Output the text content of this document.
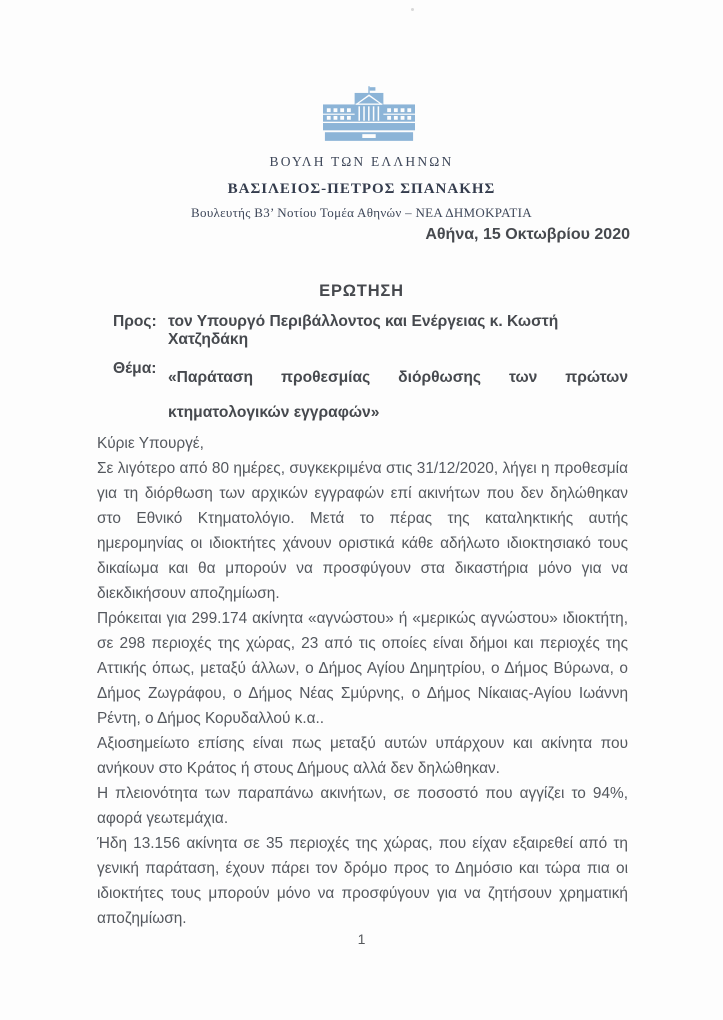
ΒΟΥΛΗ ΤΩΝ ΕΛΛΗΝΩΝ
ΒΑΣΙΛΕΙΟΣ-ΠΕΤΡΟΣ ΣΠΑΝΑΚΗΣ
Βουλευτής Β3’ Νοτίου Τομέα Αθηνών – ΝΕΑ ΔΗΜΟΚΡΑΤΙΑ
Αθήνα, 15 Οκτωβρίου 2020
ΕΡΩΤΗΣΗ
Προς: τον Υπουργό Περιβάλλοντος και Ενέργειας κ. Κωστή Χατζηδάκη
Θέμα:
«Παράταση προθεσμίας διόρθωσης των πρώτων κτηματολογικών εγγραφών»

Κύριε Υπουργέ,

Σε λιγότερο από 80 ημέρες, συγκεκριμένα στις 31/12/2020, λήγει η προθεσμία για τη διόρθωση των αρχικών εγγραφών επί ακινήτων που δεν δηλώθηκαν στο Εθνικό Κτηματολόγιο. Μετά το πέρας της καταληκτικής αυτής ημερομηνίας οι ιδιοκτήτες χάνουν οριστικά κάθε αδήλωτο ιδιοκτησιακό τους δικαίωμα και θα μπορούν να προσφύγουν στα δικαστήρια μόνο για να διεκδικήσουν αποζημίωση.

Πρόκειται για 299.174 ακίνητα «αγνώστου» ή «μερικώς αγνώστου» ιδιοκτήτη, σε 298 περιοχές της χώρας, 23 από τις οποίες είναι δήμοι και περιοχές της Αττικής όπως, μεταξύ άλλων, ο Δήμος Αγίου Δημητρίου, ο Δήμος Βύρωνα, ο Δήμος Ζωγράφου, ο Δήμος Νέας Σμύρνης, ο Δήμος Νίκαιας-Αγίου Ιωάννη Ρέντη, ο Δήμος Κορυδαλλού κ.α..

Αξιοσημείωτο επίσης είναι πως μεταξύ αυτών υπάρχουν και ακίνητα που ανήκουν στο Κράτος ή στους Δήμους αλλά δεν δηλώθηκαν.

Η πλειονότητα των παραπάνω ακινήτων, σε ποσοστό που αγγίζει το 94%, αφορά γεωτεμάχια.

Ήδη 13.156 ακίνητα σε 35 περιοχές της χώρας, που είχαν εξαιρεθεί από τη γενική παράταση, έχουν πάρει τον δρόμο προς το Δημόσιο και τώρα πια οι ιδιοκτήτες τους μπορούν μόνο να προσφύγουν για να ζητήσουν χρηματική αποζημίωση.

1
